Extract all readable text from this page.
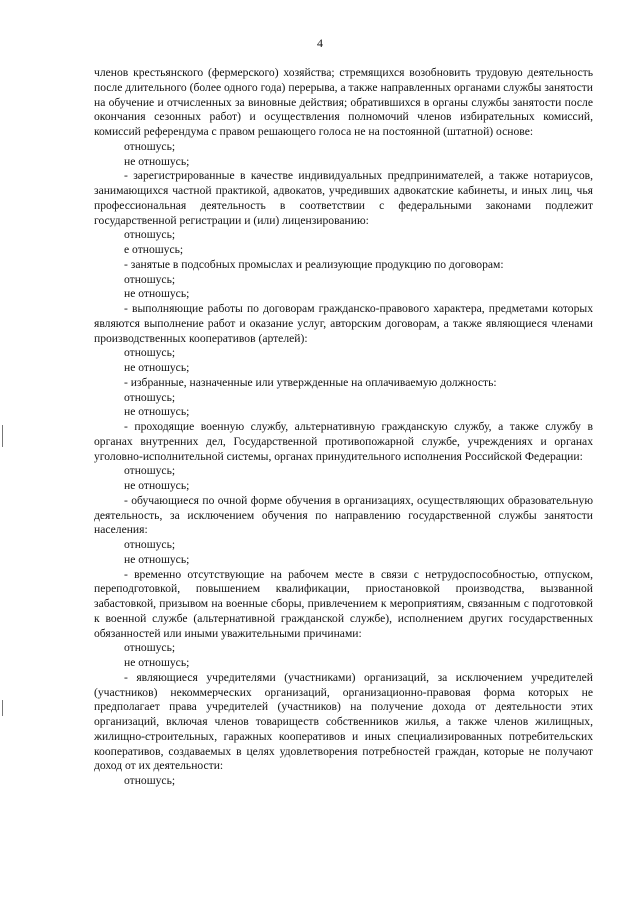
4

членов крестьянского (фермерского) хозяйства; стремящихся возобновить трудовую деятельность после длительного (более одного года) перерыва, а также направленных органами службы занятости на обучение и отчисленных за виновные действия; обратившихся в органы службы занятости после окончания сезонных работ) и осуществления полномочий членов избирательных комиссий, комиссий референдума с правом решающего голоса не на постоянной (штатной) основе:

отношусь;

не отношусь;

- зарегистрированные в качестве индивидуальных предпринимателей, а также нотариусов, занимающихся частной практикой, адвокатов, учредивших адвокатские кабинеты, и иных лиц, чья профессиональная деятельность в соответствии с федеральными законами подлежит государственной регистрации и (или) лицензированию:

отношусь;

е отношусь;

- занятые в подсобных промыслах и реализующие продукцию по договорам:

отношусь;

не отношусь;

- выполняющие работы по договорам гражданско-правового характера, предметами которых являются выполнение работ и оказание услуг, авторским договорам, а также являющиеся членами производственных кооперативов (артелей):

отношусь;

не отношусь;

- избранные, назначенные или утвержденные на оплачиваемую должность:

отношусь;

не отношусь;

- проходящие военную службу, альтернативную гражданскую службу, а также службу в органах внутренних дел, Государственной противопожарной службе, учреждениях и органах уголовно-исполнительной системы, органах принудительного исполнения Российской Федерации:

отношусь;

не отношусь;

- обучающиеся по очной форме обучения в организациях, осуществляющих образовательную деятельность, за исключением обучения по направлению государственной службы занятости населения:

отношусь;

не отношусь;

- временно отсутствующие на рабочем месте в связи с нетрудоспособностью, отпуском, переподготовкой, повышением квалификации, приостановкой производства, вызванной забастовкой, призывом на военные сборы, привлечением к мероприятиям, связанным с подготовкой к военной службе (альтернативной гражданской службе), исполнением других государственных обязанностей или иными уважительными причинами:

отношусь;

не отношусь;

- являющиеся учредителями (участниками) организаций, за исключением учредителей (участников) некоммерческих организаций, организационно-правовая форма которых не предполагает права учредителей (участников) на получение дохода от деятельности этих организаций, включая членов товариществ собственников жилья, а также членов жилищных, жилищно-строительных, гаражных кооперативов и иных специализированных потребительских кооперативов, создаваемых в целях удовлетворения потребностей граждан, которые не получают доход от их деятельности:

отношусь;
